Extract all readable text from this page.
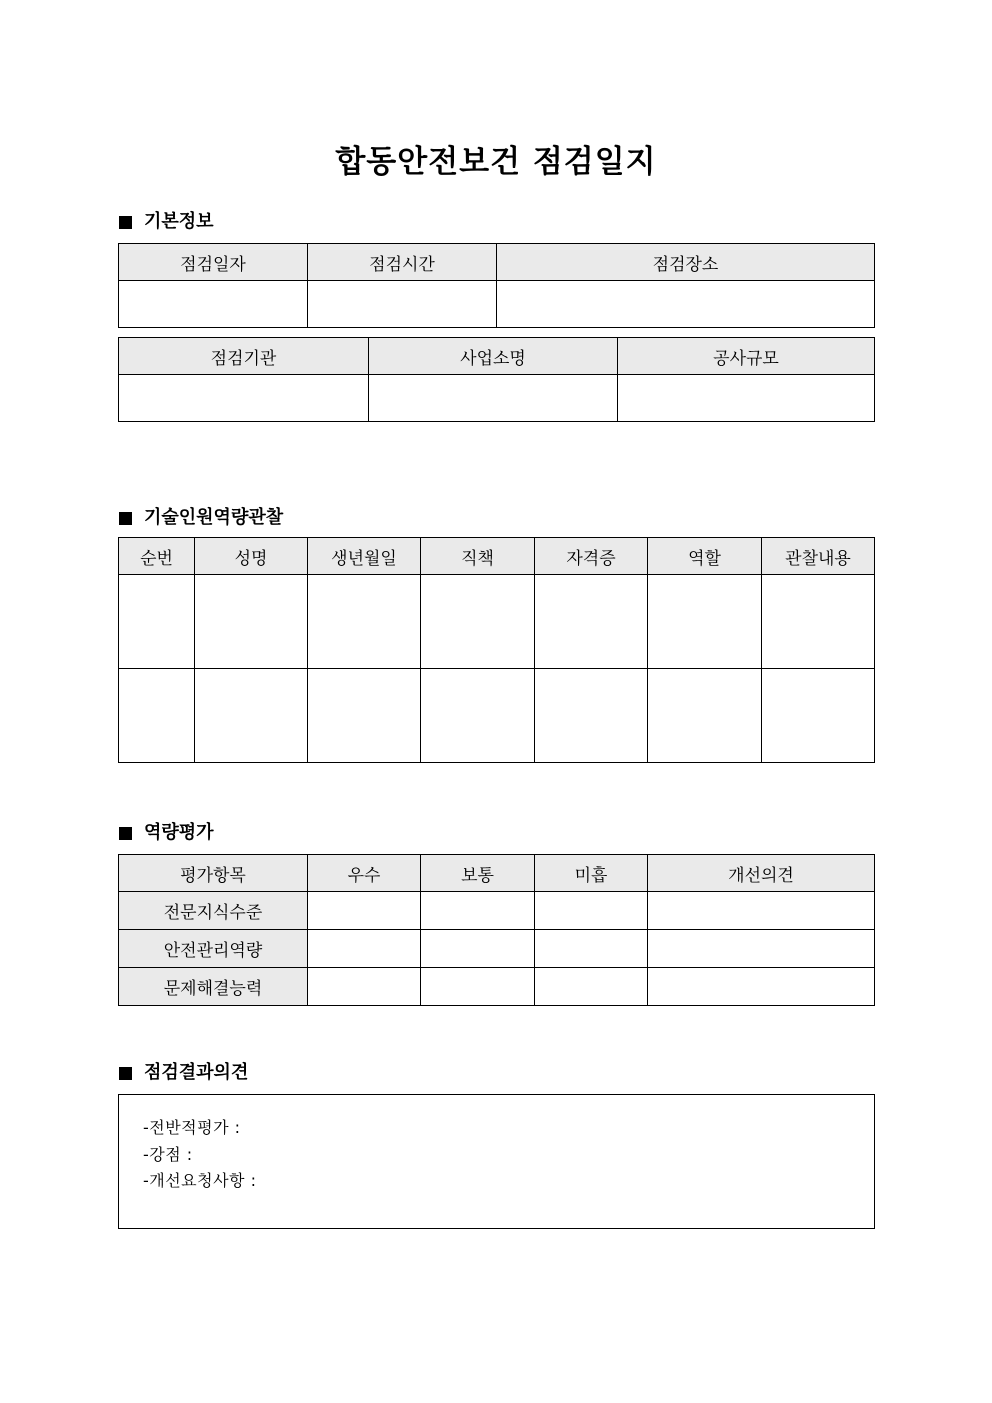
합동안전보건 점검일지
기본정보
점검일자	점검시간	점검장소

점검기관	사업소명	공사규모

기술인원역량관찰
순번	성명	생년월일	직책	자격증	역할	관찰내용

역량평가
평가항목	우수	보통	미흡	개선의견
전문지식수준				
안전관리역량				
문제해결능력				
점검결과의견
-전반적평가 :
-강점 :
-개선요청사항 :
